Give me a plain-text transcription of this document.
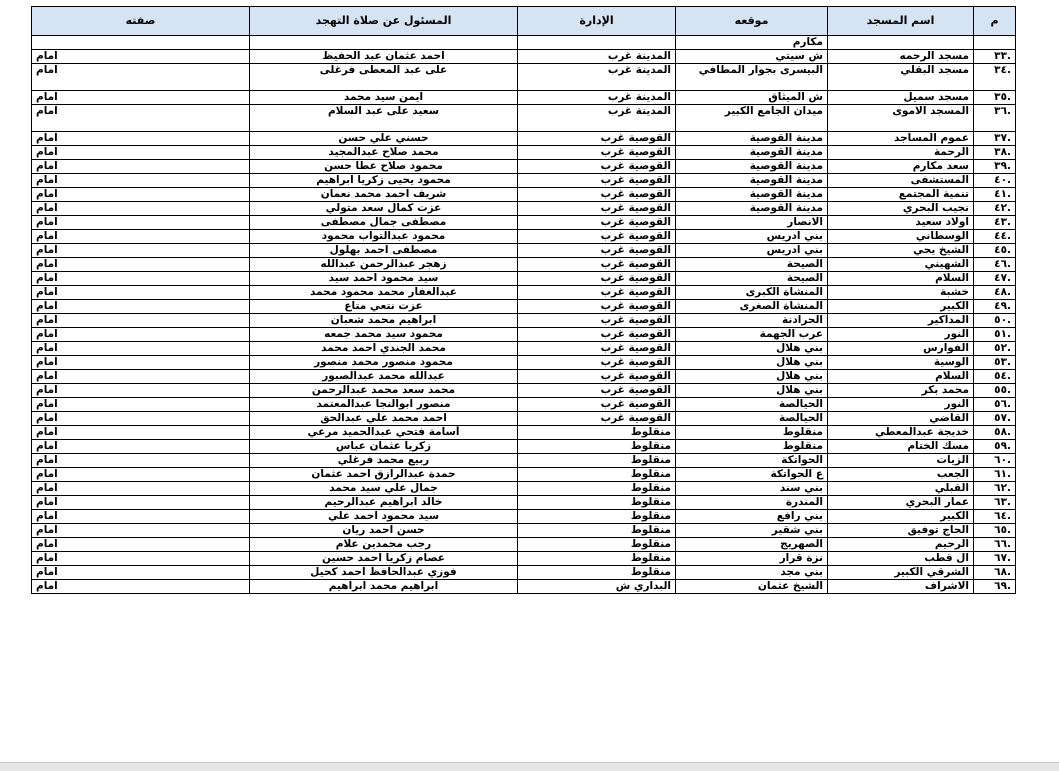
م	اسم المسجد	موقعه	الإدارة	المسئول عن صلاة التهجد	صفته
		مكارم			
.٣٣	مسجد الرحمه	ش سيتي	المدينة غرب	احمد عثمان عبد الحفيظ	امام
.٣٤	مسجد البقلي	البيسرى بجوار المطافي	المدينة غرب	على عبد المعطى فرغلى	امام
.٣٥	مسجد سميل	ش الميثاق	المدينة غرب	ايمن سيد محمد	امام
.٣٦	المسجد الاموى	ميدان الجامع الكبير	المدينة غرب	سعيد على عبد السلام	امام
.٣٧	عموم المساجد	مدينة القوصية	القوصية غرب	حسني علي حسن	امام
.٣٨	الرحمة	مدينة القوصية	القوصية غرب	محمد صلاح عبدالمجيد	امام
.٣٩	سعد مكارم	مدينة القوصية	القوصية غرب	محمود صلاح عطا حسن	امام
.٤٠	المستشفى	مدينة القوصية	القوصية غرب	محمود يحيى زكريا ابراهيم	امام
.٤١	تنمية المجتمع	مدينة القوصية	القوصية غرب	شريف احمد محمد نعمان	امام
.٤٢	نجيب البحري	مدينة القوصية	القوصية غرب	عزت كمال سعد متولي	امام
.٤٣	اولاد سعيد	الانصار	القوصية غرب	مصطفى جمال مصطفى	امام
.٤٤	الوسطاني	بني ادريس	القوصية غرب	محمود عبدالتواب محمود	امام
.٤٥	الشيخ يحي	بني ادريس	القوصية غرب	مصطفى احمد بهلول	امام
.٤٦	الشهيني	الصيحة	القوصية غرب	زهجر عبدالرحمن عبدالله	امام
.٤٧	السلام	الصيحة	القوصية غرب	سيد محمود احمد سيد	امام
.٤٨	خشبة	المنشاة الكبرى	القوصية غرب	عبدالغفار محمد محمود محمد	امام
.٤٩	الكبير	المنشاة الصغرى	القوصية غرب	عزت نتعي متاع	امام
.٥٠	المداكير	الحرادنة	القوصية غرب	ابراهيم محمد شعبان	امام
.٥١	النور	عرب الجهمة	القوصية غرب	محمود سيد محمد جمعه	امام
.٥٢	الفوارس	بني هلال	القوصية غرب	محمد الجندي احمد محمد	امام
.٥٣	الوسية	بني هلال	القوصية غرب	محمود منصور محمد منصور	امام
.٥٤	السلام	بني هلال	القوصية غرب	عبدالله محمد عبدالصبور	امام
.٥٥	محمد بكر	بني هلال	القوصية غرب	محمد سعد محمد عبدالرحمن	امام
.٥٦	النور	الحيالصة	القوصية غرب	منصور ابوالنجا عبدالمعتمد	امام
.٥٧	القاضي	الحيالصة	القوصية غرب	احمد محمد علي عبدالحق	امام
.٥٨	خديجة عبدالمعطي	منقلوط	منقلوط	أسامة فتحي عبدالحميد مرعي	امام
.٥٩	مسك الختام	منقلوط	منقلوط	زكريا عثمان عباس	امام
.٦٠	الزيات	الحواتكة	منقلوط	ربيع محمد فرغلي	امام
.٦١	الجعب	ع الحواتكة	منقلوط	حمدة عبدالرازق احمد عثمان	امام
.٦٢	القبلي	بني سند	منقلوط	جمال علي سيد محمد	امام
.٦٣	عمار البحري	المندرة	منقلوط	خالد ابراهيم عبدالرحيم	امام
.٦٤	الكبير	بني رافع	منقلوط	سيد محمود احمد علي	امام
.٦٥	الحاج توفيق	بني شقير	منقلوط	حسن احمد ريان	امام
.٦٦	الرحيم	الصهريج	منقلوط	رجب محمدين علام	امام
.٦٧	ال قطب	نزة قرار	منقلوط	عصام زكريا احمد حسين	امام
.٦٨	الشرقي الكبير	بني مجد	منقلوط	فوزي عبدالحافظ احمد كحيل	امام
.٦٩	الاشراف	الشيخ عثمان	البداري ش	ابراهيم محمد ابراهيم	امام
